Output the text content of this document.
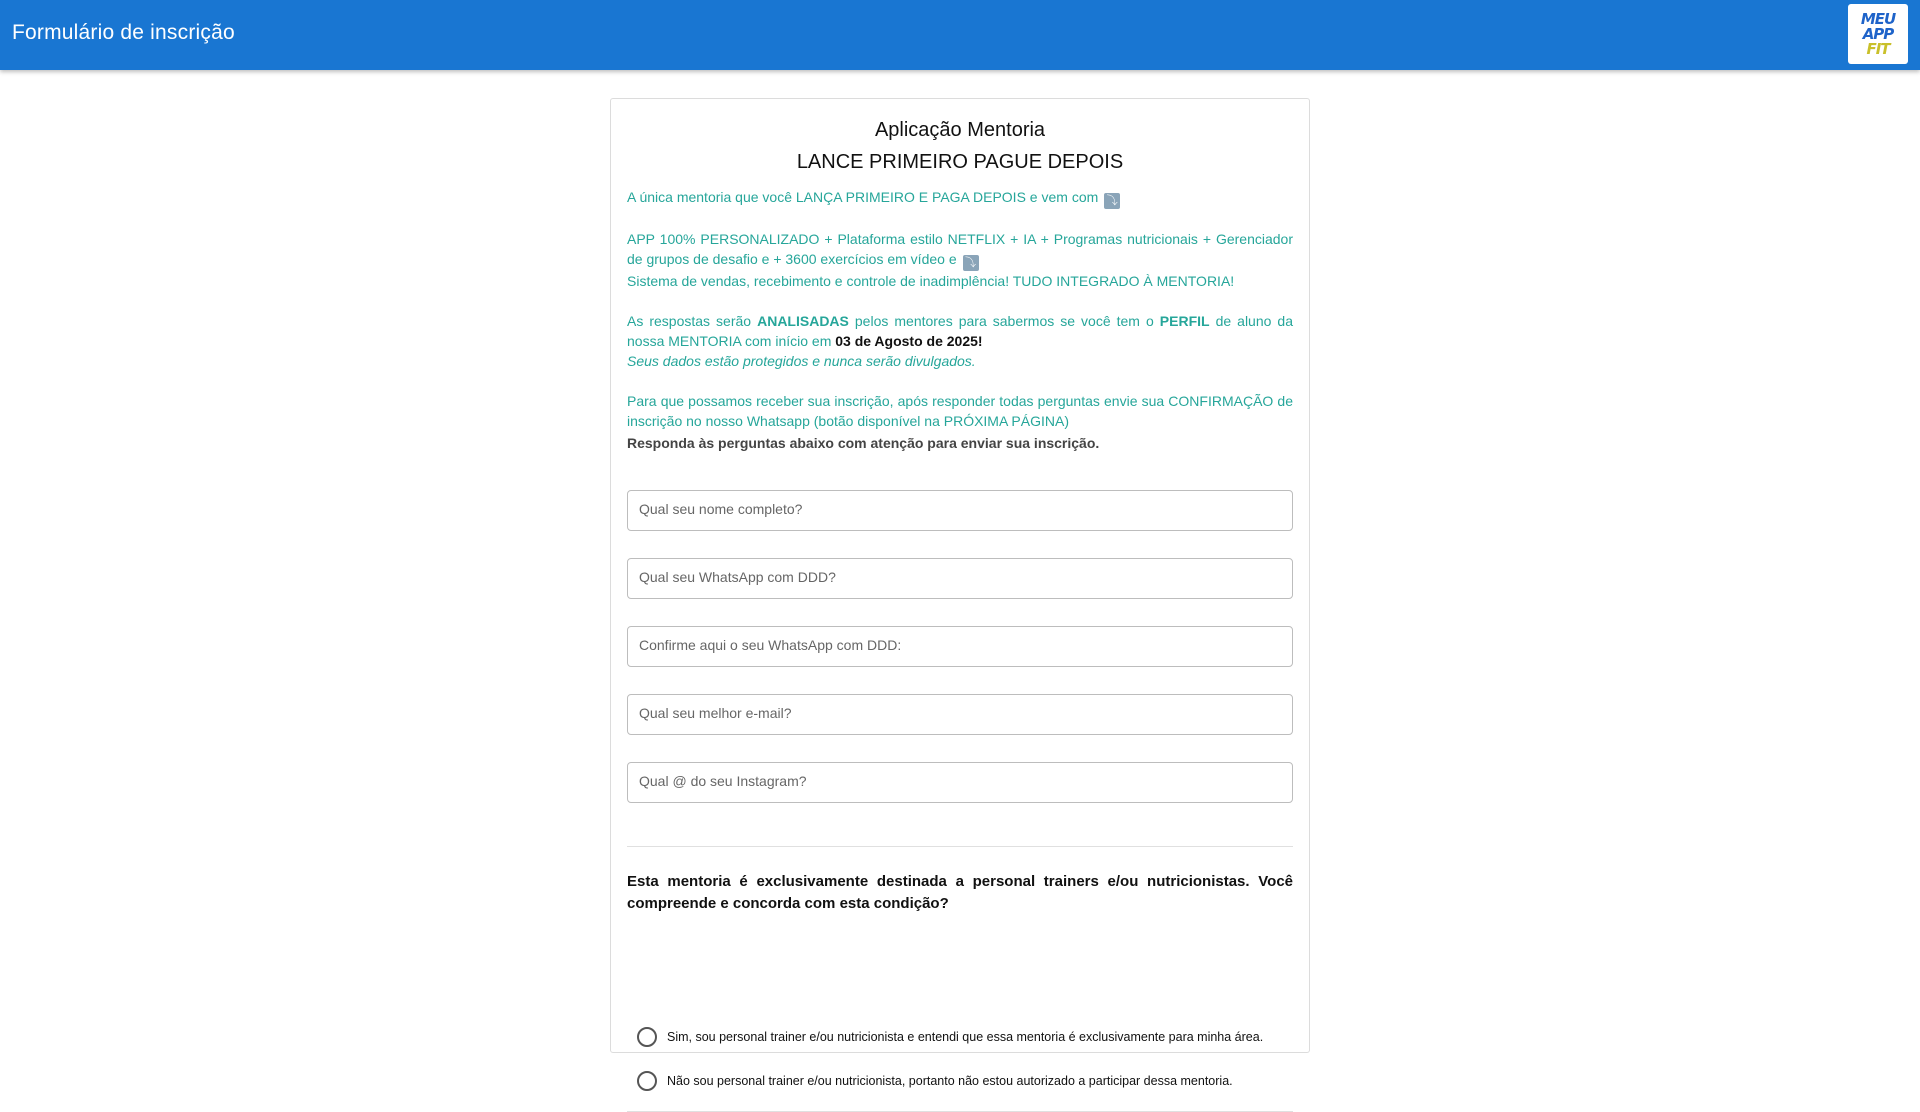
Formulário de inscrição
MEU
APP
FIT
Aplicação Mentoria
LANCE PRIMEIRO PAGUE DEPOIS

A única mentoria que você LANÇA PRIMEIRO E PAGA DEPOIS e vem com ⤵

APP 100% PERSONALIZADO + Plataforma estilo NETFLIX + IA + Programas nutricionais + Gerenciador de grupos de desafio e + 3600 exercícios em vídeo e ⤵

Sistema de vendas, recebimento e controle de inadimplência! TUDO INTEGRADO À MENTORIA!

As respostas serão ANALISADAS pelos mentores para sabermos se você tem o PERFIL de aluno da nossa MENTORIA com início em 03 de Agosto de 2025!

Seus dados estão protegidos e nunca serão divulgados.

Para que possamos receber sua inscrição, após responder todas perguntas envie sua CONFIRMAÇÃO de inscrição no nosso Whatsapp (botão disponível na PRÓXIMA PÁGINA)

Responda às perguntas abaixo com atenção para enviar sua inscrição.
Qual seu nome completo?
Qual seu WhatsApp com DDD?
Confirme aqui o seu WhatsApp com DDD:
Qual seu melhor e-mail?
Qual @ do seu Instagram?
Esta mentoria é exclusivamente destinada a personal trainers e/ou nutricionistas. Você compreende e concorda com esta condição?
Sim, sou personal trainer e/ou nutricionista e entendi que essa mentoria é exclusivamente para minha área.
Não sou personal trainer e/ou nutricionista, portanto não estou autorizado a participar dessa mentoria.
